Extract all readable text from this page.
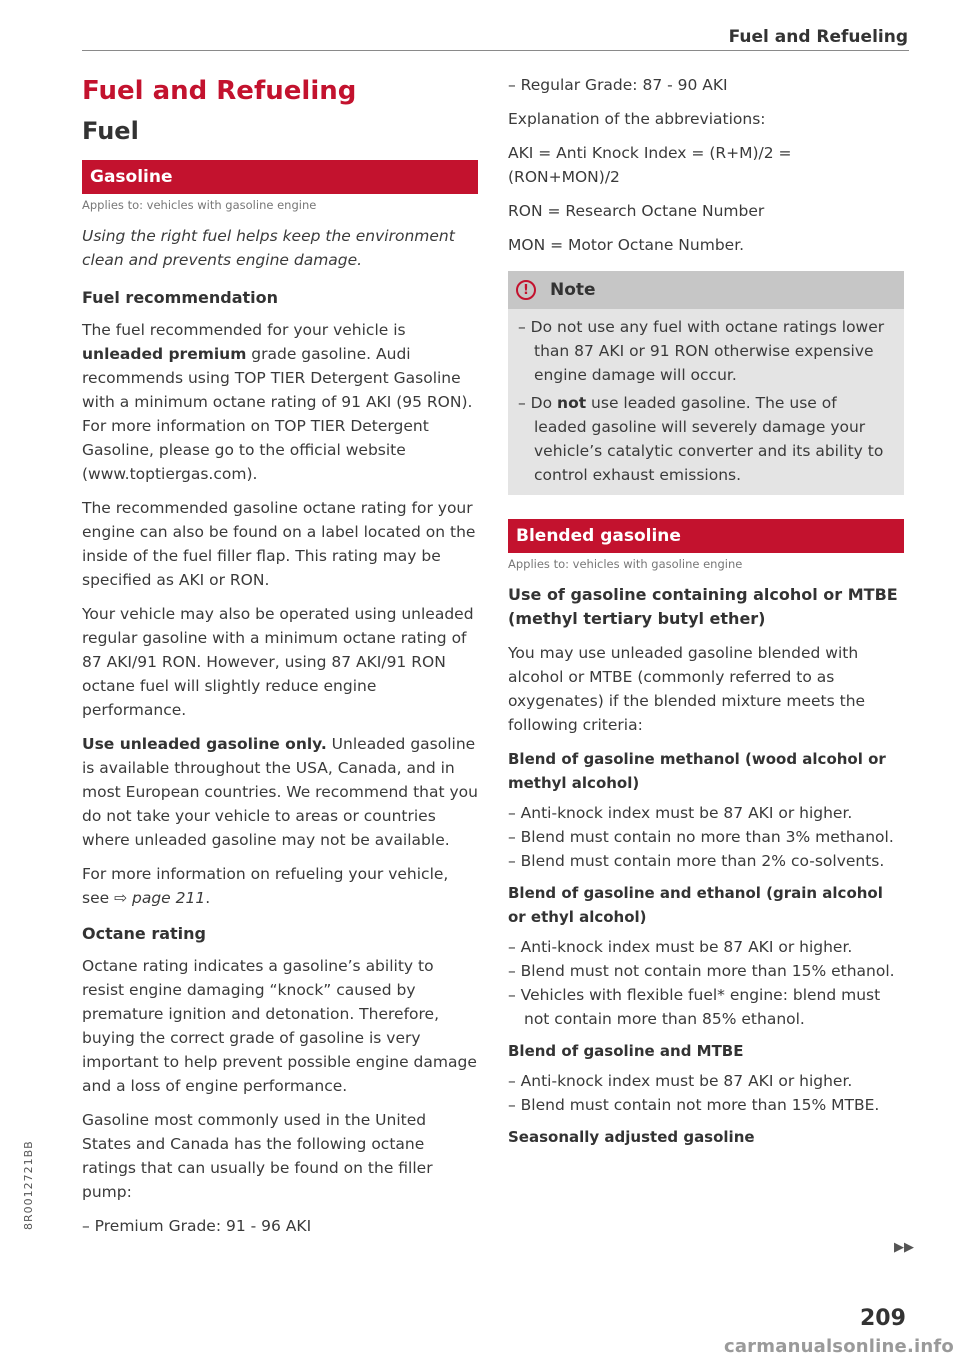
Fuel and Refueling
Fuel and Refueling
Fuel
Gasoline
Applies to: vehicles with gasoline engine
Using the right fuel helps keep the environment clean and prevents engine damage.
Fuel recommendation

The fuel recommended for your vehicle is unleaded premium grade gasoline. Audi recommends using TOP TIER Detergent Gasoline with a minimum octane rating of 91 AKI (95 RON). For more information on TOP TIER Detergent Gasoline, please go to the official website (www.toptiergas.com).

The recommended gasoline octane rating for your engine can also be found on a label located on the inside of the fuel filler flap. This rating may be specified as AKI or RON.

Your vehicle may also be operated using unleaded regular gasoline with a minimum octane rating of 87 AKI/91 RON. However, using 87 AKI/91 RON octane fuel will slightly reduce engine performance.

Use unleaded gasoline only. Unleaded gasoline is available throughout the USA, Canada, and in most European countries. We recommend that you do not take your vehicle to areas or countries where unleaded gasoline may not be available.

For more information on refueling your vehicle, see ⇨ page 211.

Octane rating

Octane rating indicates a gasoline’s ability to resist engine damaging “knock” caused by premature ignition and detonation. Therefore, buying the correct grade of gasoline is very important to help prevent possible engine damage and a loss of engine performance.

Gasoline most commonly used in the United States and Canada has the following octane ratings that can usually be found on the filler pump:

– Premium Grade: 91 - 96 AKI

– Regular Grade: 87 - 90 AKI

Explanation of the abbreviations:

AKI = Anti Knock Index = (R+M)/2 = (RON+MON)/2

RON = Research Octane Number

MON = Motor Octane Number.

!	Note
– Do not use any fuel with octane ratings lower than 87 AKI or 91 RON otherwise expensive engine damage will occur.
– Do not use leaded gasoline. The use of leaded gasoline will severely damage your vehicle’s catalytic converter and its ability to control exhaust emissions.
Blended gasoline
Applies to: vehicles with gasoline engine
Use of gasoline containing alcohol or MTBE (methyl tertiary butyl ether)

You may use unleaded gasoline blended with alcohol or MTBE (commonly referred to as oxygenates) if the blended mixture meets the following criteria:

Blend of gasoline methanol (wood alcohol or methyl alcohol)
– Anti-knock index must be 87 AKI or higher.
– Blend must contain no more than 3% methanol.
– Blend must contain more than 2% co-solvents.
Blend of gasoline and ethanol (grain alcohol or ethyl alcohol)
– Anti-knock index must be 87 AKI or higher.
– Blend must not contain more than 15% ethanol.
– Vehicles with flexible fuel* engine: blend must not contain more than 85% ethanol.
Blend of gasoline and MTBE
– Anti-knock index must be 87 AKI or higher.
– Blend must contain not more than 15% MTBE.
Seasonally adjusted gasoline
▶▶
209
8R0012721BB
carmanualsonline.info
